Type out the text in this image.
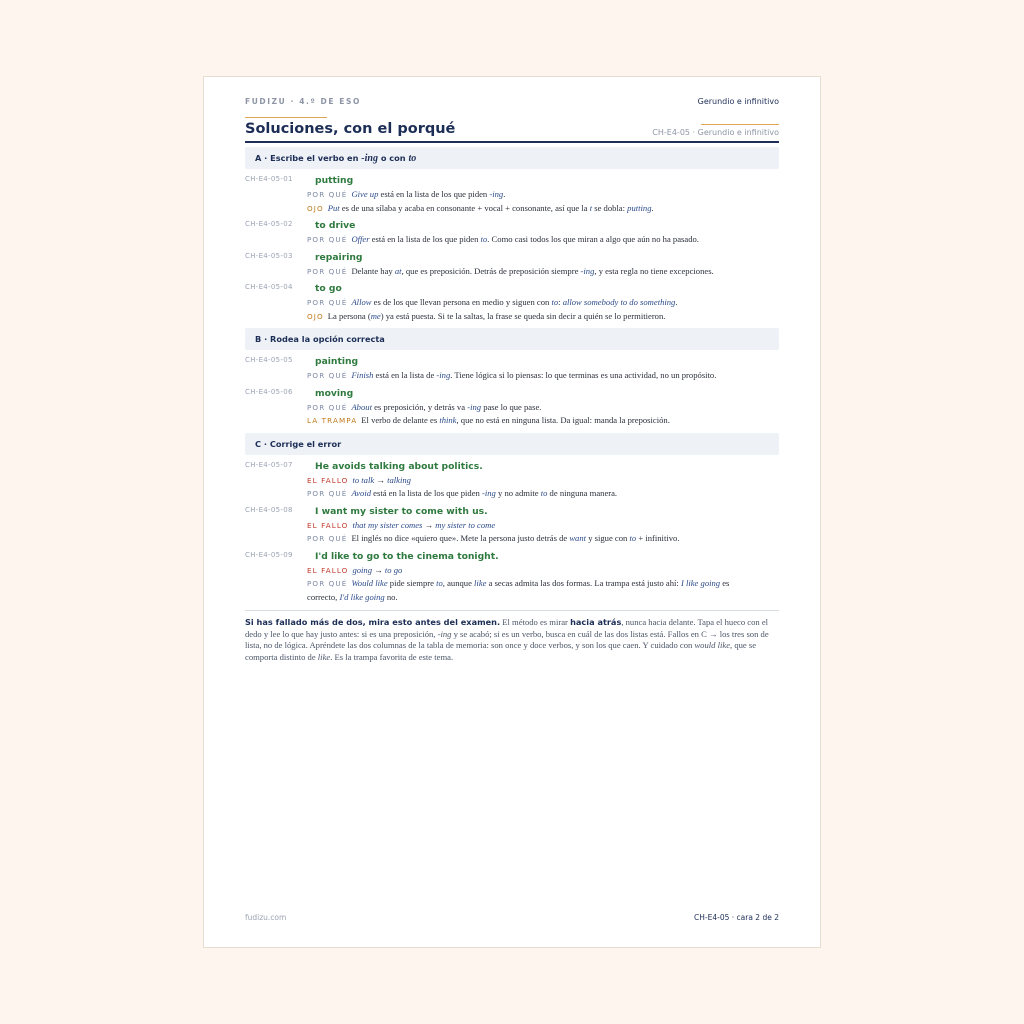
FUDIZU · 4.º DE ESO	Gerundio e infinitivo
Soluciones, con el porqué	CH-E4-05 · Gerundio e infinitivo
A · Escribe el verbo en -ing o con to
CH-E4-05-01 putting
POR QUÉ Give up está en la lista de los que piden -ing.
OJO Put es de una sílaba y acaba en consonante + vocal + consonante, así que la t se dobla: putting.
CH-E4-05-02 to drive
POR QUÉ Offer está en la lista de los que piden to. Como casi todos los que miran a algo que aún no ha pasado.
CH-E4-05-03 repairing
POR QUÉ Delante hay at, que es preposición. Detrás de preposición siempre -ing, y esta regla no tiene excepciones.
CH-E4-05-04 to go
POR QUÉ Allow es de los que llevan persona en medio y siguen con to: allow somebody to do something.
OJO La persona (me) ya está puesta. Si te la saltas, la frase se queda sin decir a quién se lo permitieron.
B · Rodea la opción correcta
CH-E4-05-05 painting
POR QUÉ Finish está en la lista de -ing. Tiene lógica si lo piensas: lo que terminas es una actividad, no un propósito.
CH-E4-05-06 moving
POR QUÉ About es preposición, y detrás va -ing pase lo que pase.
LA TRAMPA El verbo de delante es think, que no está en ninguna lista. Da igual: manda la preposición.
C · Corrige el error
CH-E4-05-07 He avoids talking about politics.
EL FALLO to talk → talking
POR QUÉ Avoid está en la lista de los que piden -ing y no admite to de ninguna manera.
CH-E4-05-08 I want my sister to come with us.
EL FALLO that my sister comes → my sister to come
POR QUÉ El inglés no dice «quiero que». Mete la persona justo detrás de want y sigue con to + infinitivo.
CH-E4-05-09 I'd like to go to the cinema tonight.
EL FALLO going → to go
POR QUÉ Would like pide siempre to, aunque like a secas admita las dos formas. La trampa está justo ahí: I like going es
correcto, I'd like going no.
Si has fallado más de dos, mira esto antes del examen. El método es mirar hacia atrás, nunca hacia delante. Tapa el hueco con el dedo y lee lo que hay justo antes: si es una preposición, -ing y se acabó; si es un verbo, busca en cuál de las dos listas está. Fallos en C → los tres son de lista, no de lógica. Apréndete las dos columnas de la tabla de memoria: son once y doce verbos, y son los que caen. Y cuidado con would like, que se comporta distinto de like. Es la trampa favorita de este tema.
fudizu.com	CH-E4-05 · cara 2 de 2
